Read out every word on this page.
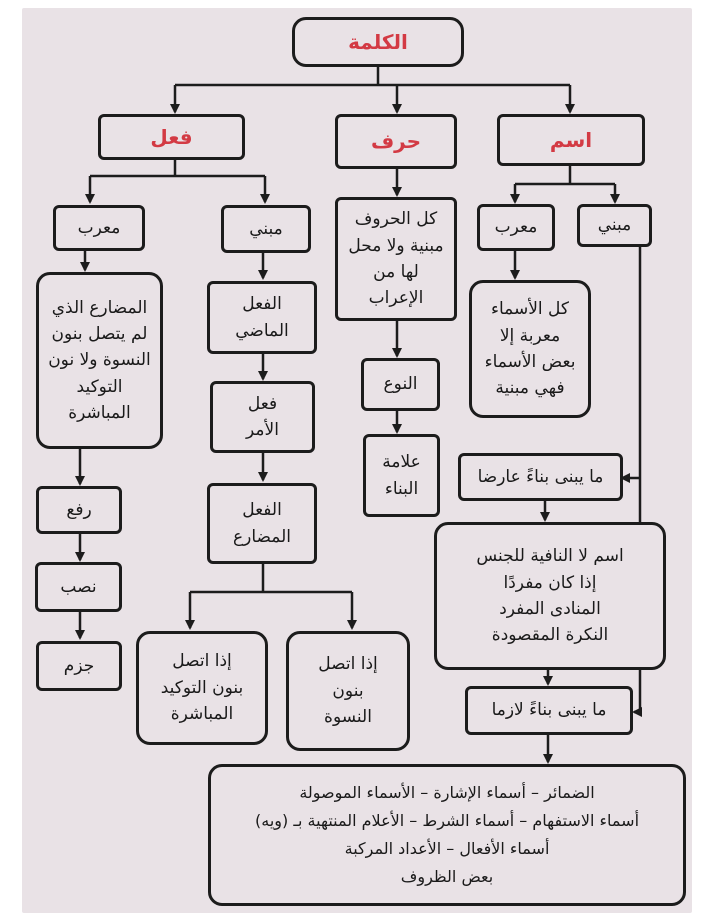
الكلمة
فعل	حرف	اسم
معرب	مبني
المضارع الذي
لم يتصل بنون
النسوة ولا نون
التوكيد المباشرة
رفع
نصب
جزم
الفعل
الماضي
فعل
الأمر
الفعل
المضارع
إذا اتصل
بنون التوكيد
المباشرة
إذا اتصل
بنون
النسوة
كل الحروف
مبنية ولا محل
لها من الإعراب
النوع
علامة
البناء
معرب	مبني
كل الأسماء
معربة إلا
بعض الأسماء
فهي مبنية
ما يبنى بناءً عارضا
اسم لا النافية للجنس
إذا كان مفردًا
المنادى المفرد
النكرة المقصودة
ما يبنى بناءً لازما
الضمائر – أسماء الإشارة – الأسماء الموصولة
أسماء الاستفهام – أسماء الشرط – الأعلام المنتهية بـ (ويه)
أسماء الأفعال – الأعداد المركبة
بعض الظروف
